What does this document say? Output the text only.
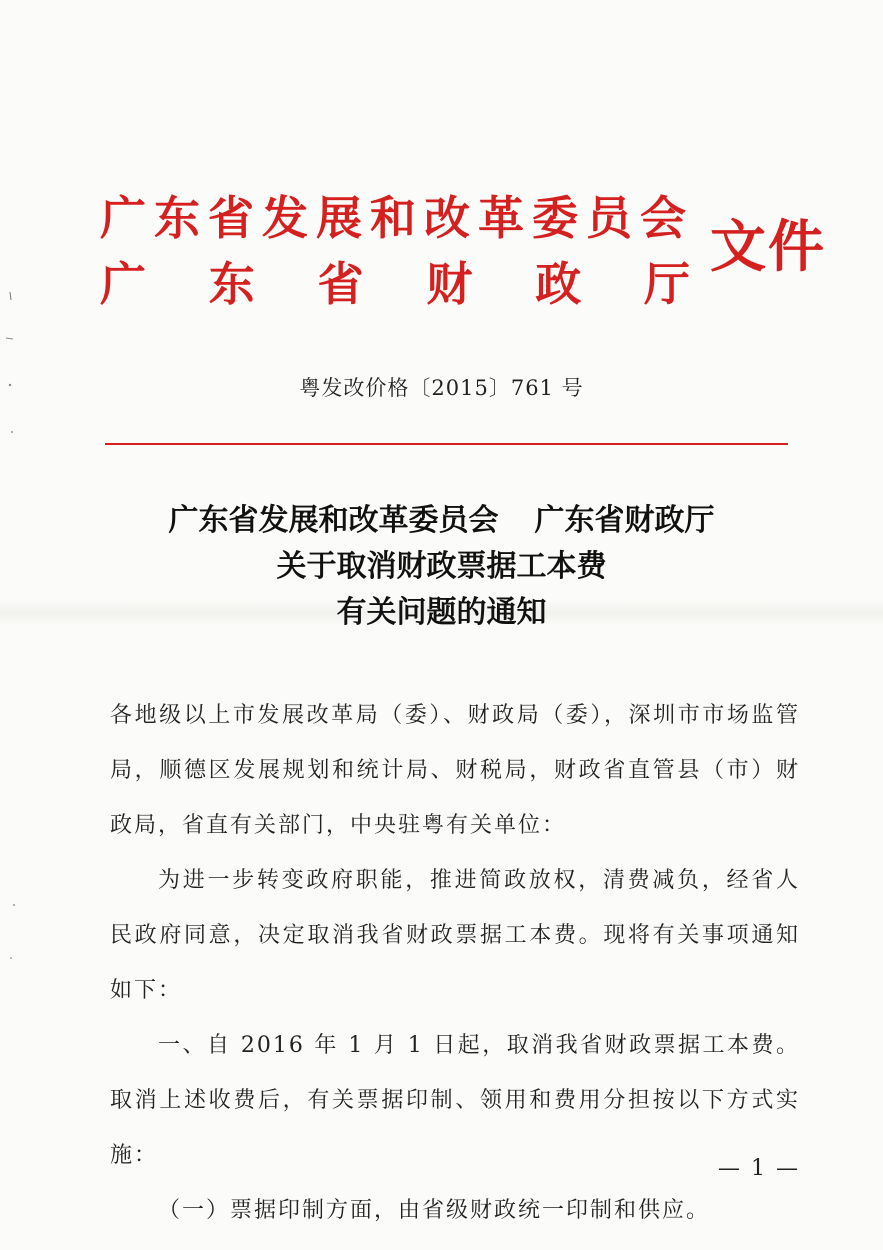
广东省发展和改革委员会
广 东 省 财 政 厅
文件
粤发改价格〔2015〕761 号
广东省发展和改革委员会 广东省财政厅
关于取消财政票据工本费
有关问题的通知

各地级以上市发展改革局（委）、财政局（委），深圳市市场监管局，顺德区发展规划和统计局、财税局，财政省直管县（市）财政局，省直有关部门，中央驻粤有关单位：

为进一步转变政府职能，推进简政放权，清费减负，经省人民政府同意，决定取消我省财政票据工本费。现将有关事项通知如下：

一、自 2016 年 1 月 1 日起，取消我省财政票据工本费。取消上述收费后，有关票据印制、领用和费用分担按以下方式实施：

（一）票据印制方面，由省级财政统一印制和供应。

— 1 —
